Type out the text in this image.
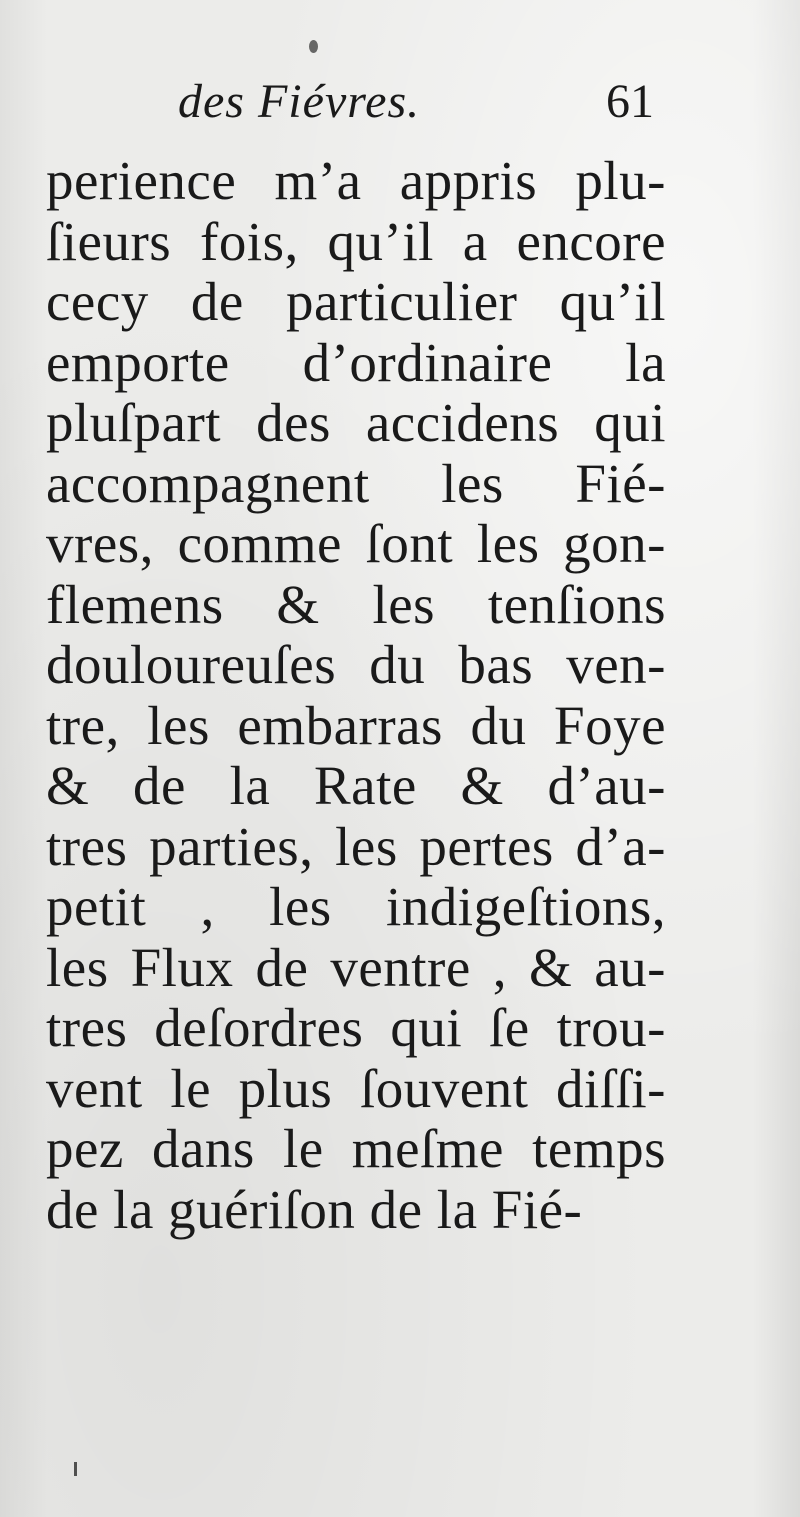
des Fiévres.	61
perience m’a appris plu-
ſieurs fois, qu’il a encore
cecy de particulier qu’il
emporte d’ordinaire la
pluſpart des accidens qui
accompagnent les Fié-
vres, comme ſont les gon-
flemens & les tenſions
douloureuſes du bas ven-
tre, les embarras du Foye
& de la Rate & d’au-
tres parties, les pertes d’a-
petit , les indigeſtions,
les Flux de ventre , & au-
tres deſordres qui ſe trou-
vent le plus ſouvent diſſi-
pez dans le meſme temps
de la guériſon de la Fié-
